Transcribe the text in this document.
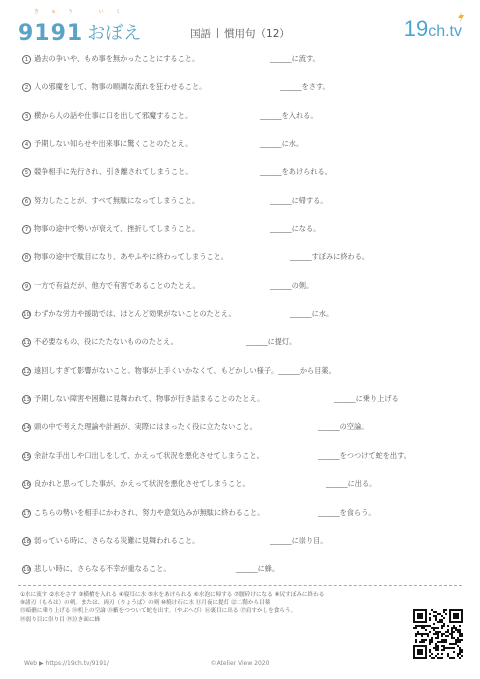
きゅう いく
9191 おぼえ	国語 慣用句（12）	19ch.tv
1 過去の争いや、もめ事を無かったことにすること。	______に流す。
2 人の邪魔をして、物事の順調な流れを狂わせること。	______をさす。
3 横から人の話や仕事に口を出して邪魔すること。	______を入れる。
4 予期しない知らせや出来事に驚くことのたとえ。	______に水。
5 競争相手に先行され、引き離されてしまうこと。	______をあけられる。
6 努力したことが、すべて無駄になってしまうこと。	______に帰する。
7 物事の途中で勢いが衰えて、挫折してしまうこと。	______になる。
8 物事の途中で駄目になり、あやふやに終わってしまうこと。	______すぼみに終わる。
9 一方で有益だが、他方で有害であることのたとえ。	______の剣。
10 わずかな労力や援助では、ほとんど効果がないことのたとえ。	______に水。
11 不必要なもの、役にたたないもののたとえ。	______に提灯。
12 遠回しすぎて影響がないこと。物事が上手くいかなくて、もどかしい様子。______から目薬。
13 予期しない障害や困難に見舞われて、物事が行き詰まることのたとえ。	______に乗り上げる
14 頭の中で考えた理論や計画が、実際にはまったく役に立たないこと。	______の空論。
15 余計な手出しや口出しをして、かえって状況を悪化させてしまうこと。	______をつつけて蛇を出す。
16 良かれと思ってした事が、かえって状況を悪化させてしまうこと。	______に出る。
17 こちらの勢いを相手にかわされ、努力や意気込みが無駄に終わること。	______を食らう。
18 弱っている時に、さらなる災難に見舞われること。	______に崇り目。
19 悲しい時に、さらなる不幸が重なること。	______に蜂。
①水に流す ②水をさす ③横槍を入れる ④寝耳に水 ⑤水をあけられる ⑥水泡に帰する ⑦腰砕けになる ⑧尻すぼみに終わる
⑨諸刃（もろは）の剣。または、両刃（りょうば）の剣 ⑩焼け石に水 ⑪月夜に提灯 ⑫二階から目薬
⑬暗礁に乗り上げる ⑭机上の空論 ⑮藪をつついて蛇を出す。（やぶへび）⑯裏目に出る ⑰肩すかしを食らう。
⑱弱り目に祟り目 ⑲泣き面に蜂
Web ▶ https://19ch.tv/9191/	©Atelier View 2020
